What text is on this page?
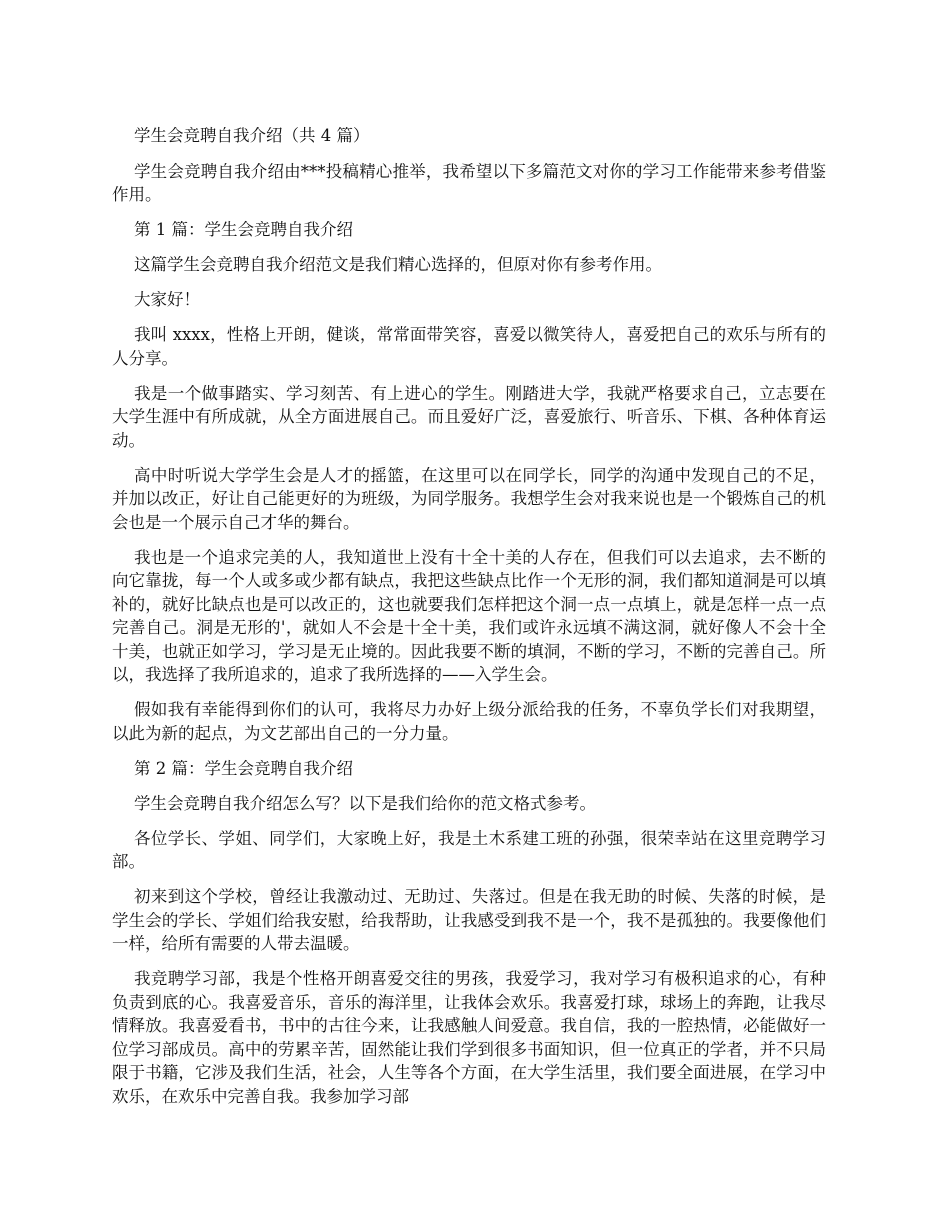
学生会竞聘自我介绍（共 4 篇）

学生会竞聘自我介绍由***投稿精心推举，我希望以下多篇范文对你的学习工作能带来参考借鉴作用。

第 1 篇：学生会竞聘自我介绍

这篇学生会竞聘自我介绍范文是我们精心选择的，但原对你有参考作用。

大家好！

我叫 xxxx，性格上开朗，健谈，常常面带笑容，喜爱以微笑待人，喜爱把自己的欢乐与所有的人分享。

我是一个做事踏实、学习刻苦、有上进心的学生。刚踏进大学，我就严格要求自己，立志要在大学生涯中有所成就，从全方面进展自己。而且爱好广泛，喜爱旅行、听音乐、下棋、各种体育运动。

高中时听说大学学生会是人才的摇篮，在这里可以在同学长，同学的沟通中发现自己的不足，并加以改正，好让自己能更好的为班级，为同学服务。我想学生会对我来说也是一个锻炼自己的机会也是一个展示自己才华的舞台。

我也是一个追求完美的人，我知道世上没有十全十美的人存在，但我们可以去追求，去不断的向它靠拢，每一个人或多或少都有缺点，我把这些缺点比作一个无形的洞，我们都知道洞是可以填补的，就好比缺点也是可以改正的，这也就要我们怎样把这个洞一点一点填上，就是怎样一点一点完善自己。洞是无形的'，就如人不会是十全十美，我们或许永远填不满这洞，就好像人不会十全十美，也就正如学习，学习是无止境的。因此我要不断的填洞，不断的学习，不断的完善自己。所以，我选择了我所追求的，追求了我所选择的——入学生会。

假如我有幸能得到你们的认可，我将尽力办好上级分派给我的任务，不辜负学长们对我期望，以此为新的起点，为文艺部出自己的一分力量。

第 2 篇：学生会竞聘自我介绍

学生会竞聘自我介绍怎么写？以下是我们给你的范文格式参考。

各位学长、学姐、同学们，大家晚上好，我是土木系建工班的孙强，很荣幸站在这里竞聘学习部。

初来到这个学校，曾经让我激动过、无助过、失落过。但是在我无助的时候、失落的时候，是学生会的学长、学姐们给我安慰，给我帮助，让我感受到我不是一个，我不是孤独的。我要像他们一样，给所有需要的人带去温暖。

我竞聘学习部，我是个性格开朗喜爱交往的男孩，我爱学习，我对学习有极积追求的心，有种负责到底的心。我喜爱音乐，音乐的海洋里，让我体会欢乐。我喜爱打球，球场上的奔跑，让我尽情释放。我喜爱看书，书中的古往今来，让我感触人间爱意。我自信，我的一腔热情，必能做好一位学习部成员。高中的劳累辛苦，固然能让我们学到很多书面知识，但一位真正的学者，并不只局限于书籍，它涉及我们生活，社会，人生等各个方面，在大学生活里，我们要全面进展，在学习中欢乐，在欢乐中完善自我。我参加学习部
